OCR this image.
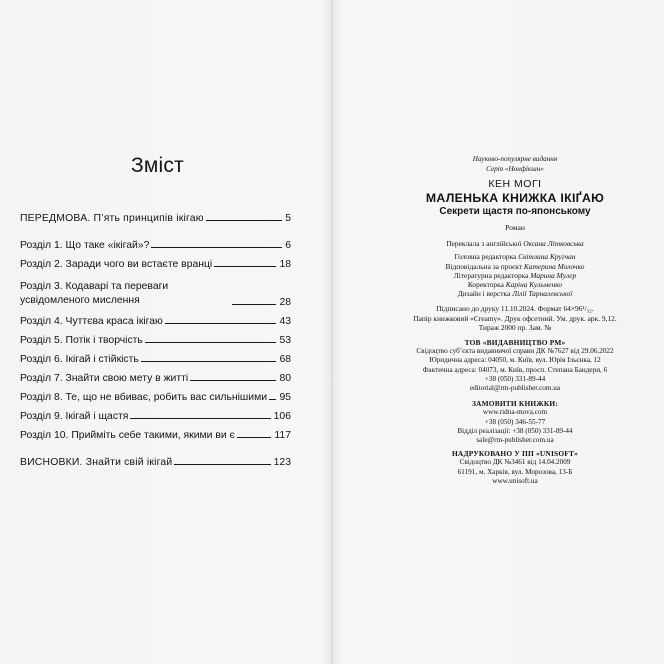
Зміст
ПЕРЕДМОВА. П’ять принципів ікігаю	5
Розділ 1. Що таке «ікігай»?	6
Розділ 2. Заради чого ви встаєте вранці	18
Розділ 3. Кодаварі та переваги усвідомленого мислення	28
Розділ 4. Чуттєва краса ікігаю	43
Розділ 5. Потік і творчість	53
Розділ 6. Ікігай і стійкість	68
Розділ 7. Знайти свою мету в житті	80
Розділ 8. Те, що не вбиває, робить вас сильнішими 95
Розділ 9. Ікігай і щастя	106
Розділ 10. Прийміть себе такими, якими ви є	117
ВИСНОВКИ. Знайти свій ікігай	123
Науково-популярне видання
Серія «Нонфікшн»
КЕН МОГІ
МАЛЕНЬКА КНИЖКА ІКІҐАЮ
Секрети щастя по-японському
Роман
Переклала з англійської Оксана Літковська
Головна редакторка Світлана Кругчан
Відповідальна за проєкт Катерина Молочко
Літературна редакторка Марина Мулер
Коректорка Каріна Кульменко
Дизайн і верстка Лілії Тарналевської
Підписано до друку 11.10.2024. Формат 64×96¹/₃₂.
Папір книжковий «Creamy». Друк офсетний. Ум. друк. арк. 9,12.
Тираж 2000 пр. Зам. №
ТОВ «ВИДАВНИЦТВО РМ»
Свідоцтво суб’єкта видавничої справи ДК №7627 від 29.06.2022
Юридична адреса: 04050, м. Київ, вул. Юрія Ільєнка, 12
Фактична адреса: 04073, м. Київ, просп. Степана Бандери, 6
+38 (050) 331-89-44
editorial@rm-publisher.com.ua
ЗАМОВИТИ КНИЖКИ:
www.ridna-mova.com
+38 (050) 346-55-77
Відділ реалізації: +38 (050) 331-89-44
sale@rm-publisher.com.ua
НАДРУКОВАНО У ПП «UNISOFT»
Свідоцтво ДК №3461 від 14.04.2009
61191, м. Харків, вул. Морозова, 13-Б
www.unisoft.ua
